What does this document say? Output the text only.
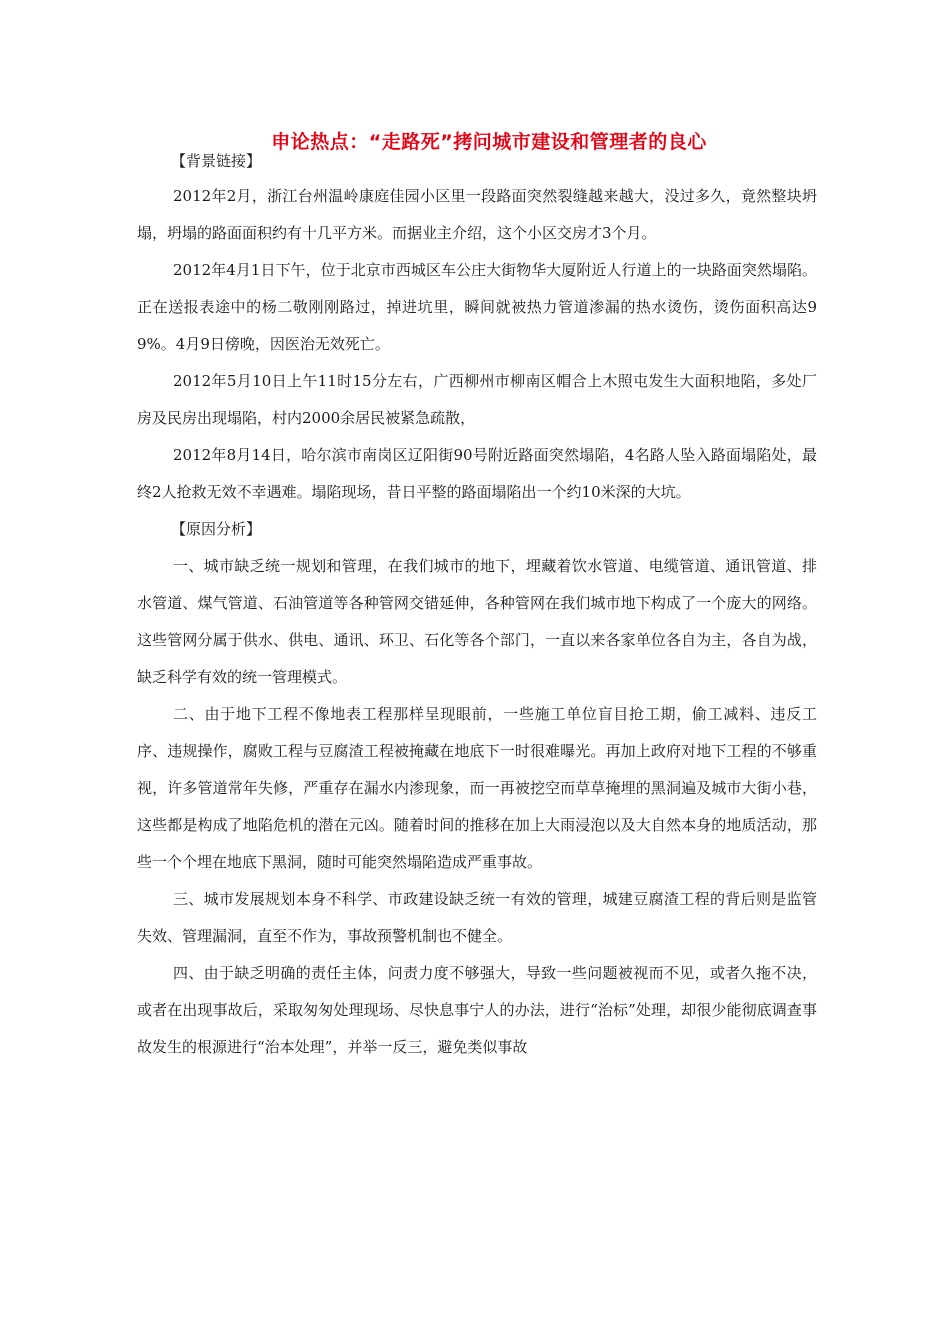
申论热点：“走路死”拷问城市建设和管理者的良心
【背景链接】

2012年2月，浙江台州温岭康庭佳园小区里一段路面突然裂缝越来越大，没过多久，竟然整块坍塌，坍塌的路面面积约有十几平方米。而据业主介绍，这个小区交房才3个月。

2012年4月1日下午，位于北京市西城区车公庄大街物华大厦附近人行道上的一块路面突然塌陷。正在送报表途中的杨二敬刚刚路过，掉进坑里，瞬间就被热力管道渗漏的热水烫伤，烫伤面积高达99%。4月9日傍晚，因医治无效死亡。

2012年5月10日上午11时15分左右，广西柳州市柳南区帽合上木照屯发生大面积地陷，多处厂房及民房出现塌陷，村内2000余居民被紧急疏散，

2012年8月14日，哈尔滨市南岗区辽阳街90号附近路面突然塌陷，4名路人坠入路面塌陷处，最终2人抢救无效不幸遇难。塌陷现场，昔日平整的路面塌陷出一个约10米深的大坑。

【原因分析】

一、城市缺乏统一规划和管理，在我们城市的地下，埋藏着饮水管道、电缆管道、通讯管道、排水管道、煤气管道、石油管道等各种管网交错延伸，各种管网在我们城市地下构成了一个庞大的网络。这些管网分属于供水、供电、通讯、环卫、石化等各个部门，一直以来各家单位各自为主，各自为战，缺乏科学有效的统一管理模式。

二、由于地下工程不像地表工程那样呈现眼前，一些施工单位盲目抢工期，偷工减料、违反工序、违规操作，腐败工程与豆腐渣工程被掩藏在地底下一时很难曝光。再加上政府对地下工程的不够重视，许多管道常年失修，严重存在漏水内渗现象，而一再被挖空而草草掩埋的黑洞遍及城市大街小巷，这些都是构成了地陷危机的潜在元凶。随着时间的推移在加上大雨浸泡以及大自然本身的地质活动，那些一个个埋在地底下黑洞，随时可能突然塌陷造成严重事故。

三、城市发展规划本身不科学、市政建设缺乏统一有效的管理，城建豆腐渣工程的背后则是监管失效、管理漏洞，直至不作为，事故预警机制也不健全。

四、由于缺乏明确的责任主体，问责力度不够强大，导致一些问题被视而不见，或者久拖不决，或者在出现事故后，采取匆匆处理现场、尽快息事宁人的办法，进行“治标”处理，却很少能彻底调查事故发生的根源进行“治本处理”，并举一反三，避免类似事故
